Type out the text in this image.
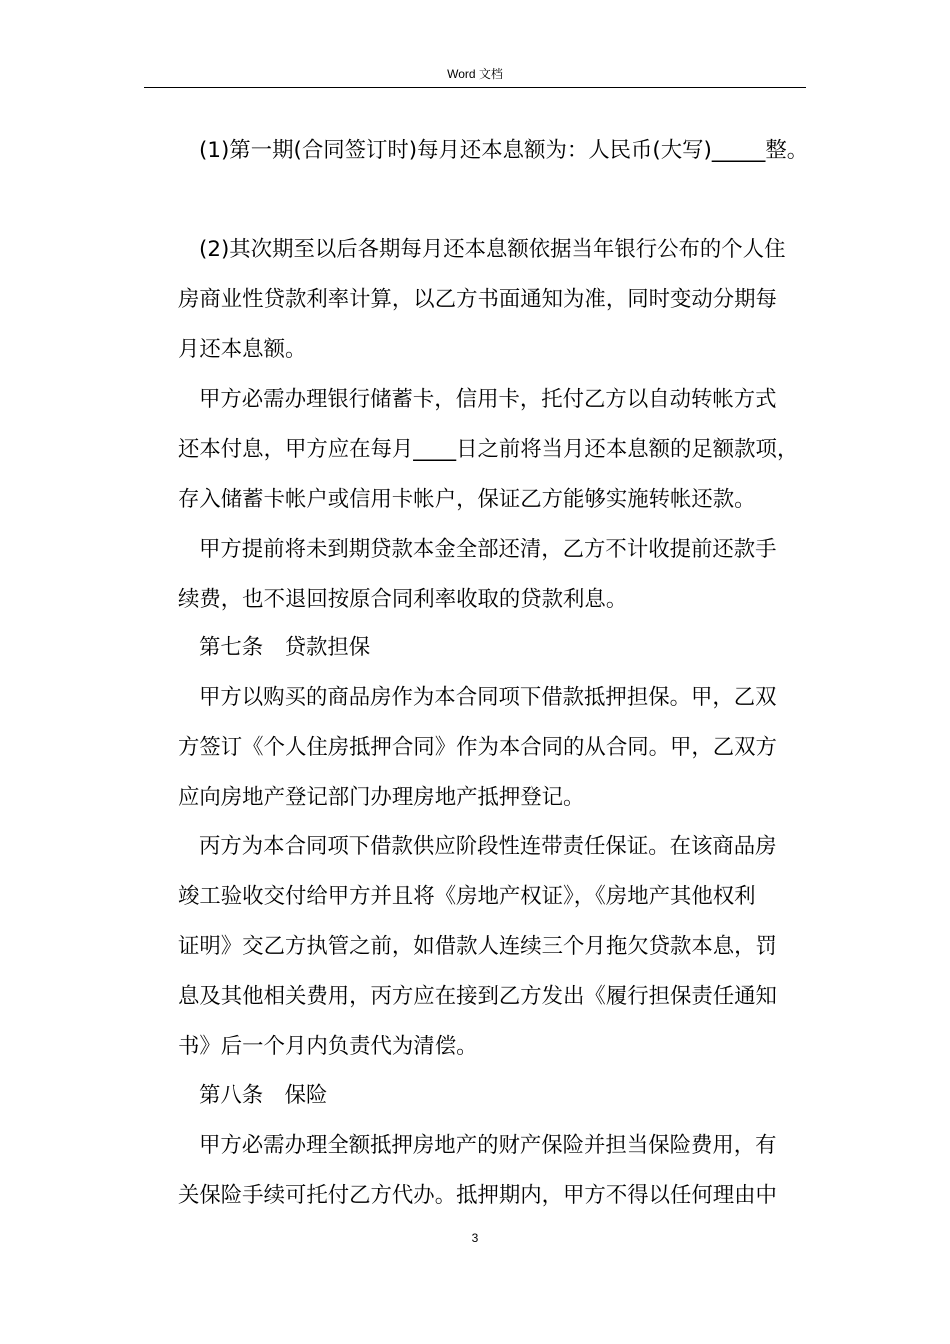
Word 文档
(1)第一期(合同签订时)每月还本息额为：人民币(大写)_____整。
(2)其次期至以后各期每月还本息额依据当年银行公布的个人住
房商业性贷款利率计算，以乙方书面通知为准，同时变动分期每
月还本息额。
甲方必需办理银行储蓄卡，信用卡，托付乙方以自动转帐方式
还本付息，甲方应在每月____日之前将当月还本息额的足额款项，
存入储蓄卡帐户或信用卡帐户，保证乙方能够实施转帐还款。
甲方提前将未到期贷款本金全部还清，乙方不计收提前还款手
续费，也不退回按原合同利率收取的贷款利息。
第七条　贷款担保
甲方以购买的商品房作为本合同项下借款抵押担保。甲，乙双
方签订《个人住房抵押合同》作为本合同的从合同。甲，乙双方
应向房地产登记部门办理房地产抵押登记。
丙方为本合同项下借款供应阶段性连带责任保证。在该商品房
竣工验收交付给甲方并且将《房地产权证》，《房地产其他权利
证明》交乙方执管之前，如借款人连续三个月拖欠贷款本息，罚
息及其他相关费用，丙方应在接到乙方发出《履行担保责任通知
书》后一个月内负责代为清偿。
第八条　保险
甲方必需办理全额抵押房地产的财产保险并担当保险费用，有
关保险手续可托付乙方代办。抵押期内，甲方不得以任何理由中
3
